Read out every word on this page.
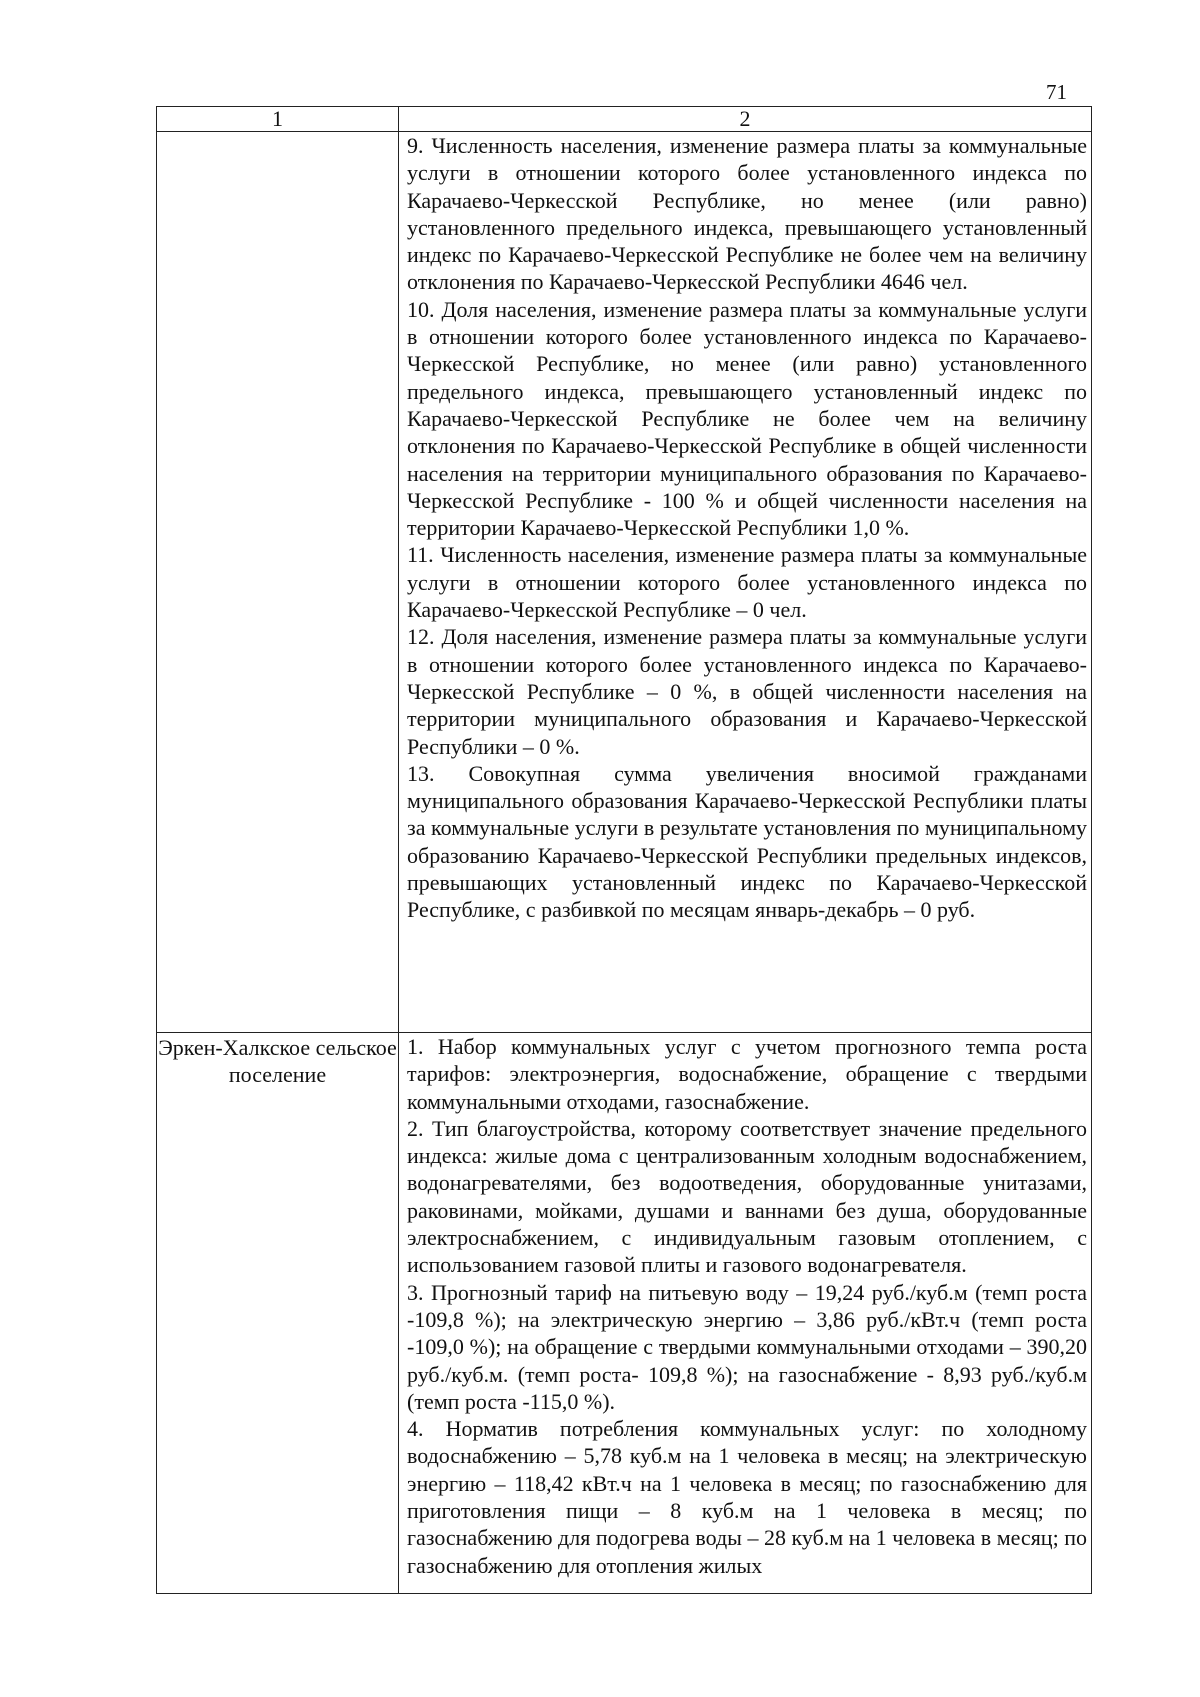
71
1	2

	9. Численность населения, изменение размера платы за коммунальные услуги в отношении которого более установленного индекса по Карачаево-Черкесской Республике, но менее (или равно) установленного предельного индекса, превышающего установленный индекс по Карачаево-Черкесской Республике не более чем на величину отклонения по Карачаево-Черкесской Республики 4646 чел.

10. Доля населения, изменение размера платы за коммунальные услуги в отношении которого более установленного индекса по Карачаево-Черкесской Республике, но менее (или равно) установленного предельного индекса, превышающего установленный индекс по Карачаево-Черкесской Республике не более чем на величину отклонения по Карачаево-Черкесской Республике в общей численности населения на территории муниципального образования по Карачаево-Черкесской Республике - 100 % и общей численности населения на территории Карачаево-Черкесской Республики 1,0 %.

11. Численность населения, изменение размера платы за коммунальные услуги в отношении которого более установленного индекса по Карачаево-Черкесской Республике – 0 чел.

12. Доля населения, изменение размера платы за коммунальные услуги в отношении которого более установленного индекса по Карачаево-Черкесской Республике – 0 %, в общей численности населения на территории муниципального образования и Карачаево-Черкесской Республики – 0 %.

13. Совокупная сумма увеличения вносимой гражданами муниципального образования Карачаево-Черкесской Республики платы за коммунальные услуги в результате установления по муниципальному образованию Карачаево-Черкесской Республики предельных индексов, превышающих установленный индекс по Карачаево-Черкесской Республике, с разбивкой по месяцам январь-декабрь – 0 руб.

Эркен-Халкское сельское поселение	1. Набор коммунальных услуг с учетом прогнозного темпа роста тарифов: электроэнергия, водоснабжение, обращение с твердыми коммунальными отходами, газоснабжение.

2. Тип благоустройства, которому соответствует значение предельного индекса: жилые дома с централизованным холодным водоснабжением, водонагревателями, без водоотведения, оборудованные унитазами, раковинами, мойками, душами и ваннами без душа, оборудованные электроснабжением, с индивидуальным газовым отоплением, с использованием газовой плиты и газового водонагревателя.

3. Прогнозный тариф на питьевую воду – 19,24 руб./куб.м (темп роста -109,8 %); на электрическую энергию – 3,86 руб./кВт.ч (темп роста -109,0 %); на обращение с твердыми коммунальными отходами – 390,20 руб./куб.м. (темп роста- 109,8 %); на газоснабжение - 8,93 руб./куб.м (темп роста -115,0 %).

4. Норматив потребления коммунальных услуг: по холодному водоснабжению – 5,78 куб.м на 1 человека в месяц; на электрическую энергию – 118,42 кВт.ч на 1 человека в месяц; по газоснабжению для приготовления пищи – 8 куб.м на 1 человека в месяц; по газоснабжению для подогрева воды – 28 куб.м на 1 человека в месяц; по газоснабжению для отопления жилых
